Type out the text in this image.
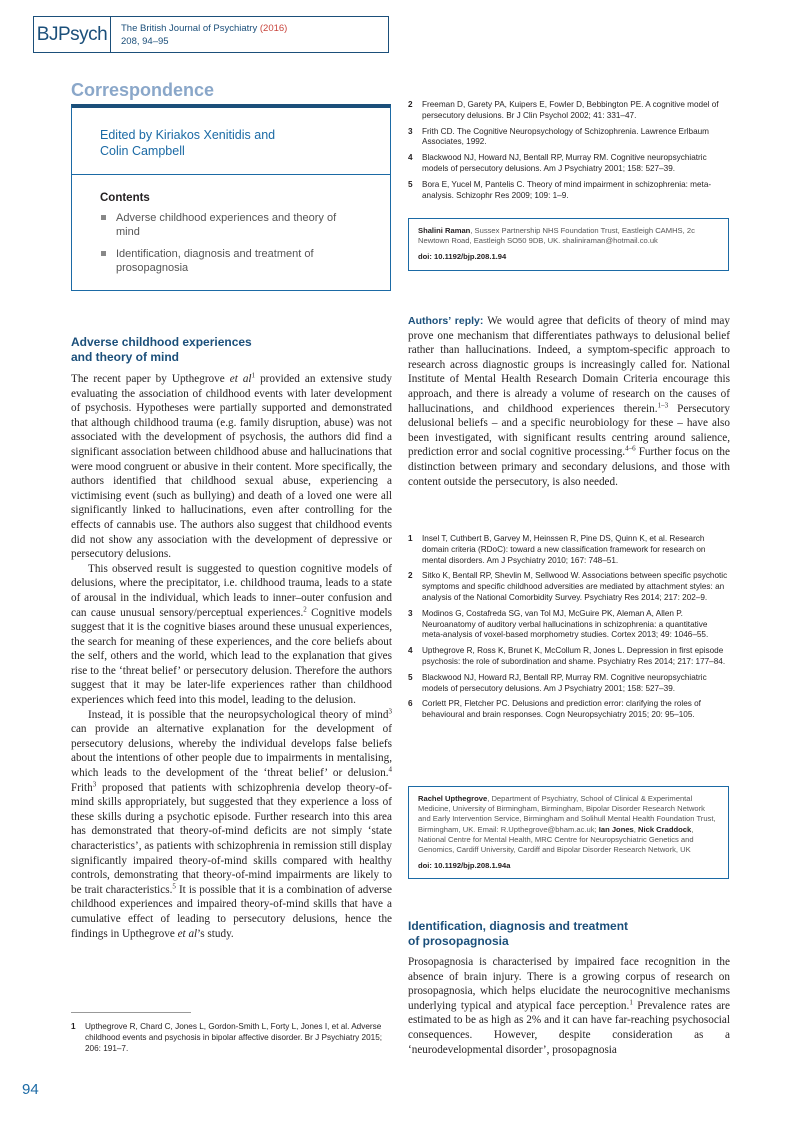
BJ Psych The British Journal of Psychiatry (2016)
208, 94–95
Correspondence
Edited by Kiriakos Xenitidis and
Colin Campbell
Contents
Adverse childhood experiences and theory of mind
Identification, diagnosis and treatment of prosopagnosia
2 Freeman D, Garety PA, Kuipers E, Fowler D, Bebbington PE. A cognitive model of persecutory delusions. Br J Clin Psychol 2002; 41: 331–47.
3 Frith CD. The Cognitive Neuropsychology of Schizophrenia. Lawrence Erlbaum Associates, 1992.
4 Blackwood NJ, Howard NJ, Bentall RP, Murray RM. Cognitive neuropsychiatric models of persecutory delusions. Am J Psychiatry 2001; 158: 527–39.
5 Bora E, Yucel M, Pantelis C. Theory of mind impairment in schizophrenia: meta-analysis. Schizophr Res 2009; 109: 1–9.
Shalini Raman, Sussex Partnership NHS Foundation Trust, Eastleigh CAMHS, 2c Newtown Road, Eastleigh SO50 9DB, UK. shaliniraman@hotmail.co.uk
doi: 10.1192/bjp.208.1.94
Adverse childhood experiences
and theory of mind

The recent paper by Upthegrove et $al^1$ provided an extensive study evaluating the association of childhood events with later development of psychosis. Hypotheses were partially supported and demonstrated that although childhood trauma (e.g. family disruption, abuse) was not associated with the development of psychosis, the authors did find a significant association between childhood abuse and hallucinations that were mood congruent or abusive in their content. More specifically, the authors identified that childhood sexual abuse, experiencing a victimising event (such as bullying) and death of a loved one were all significantly linked to hallucinations, even after controlling for the effects of cannabis use. The authors also suggest that childhood events did not show any association with the development of depressive or persecutory delusions.

This observed result is suggested to question cognitive models of delusions, where the precipitator, i.e. childhood trauma, leads to a state of arousal in the individual, which leads to inner–outer confusion and can cause unusual sensory/perceptual experiences.$^2$ Cognitive models suggest that it is the cognitive biases around these unusual experiences, the search for meaning of these experiences, and the core beliefs about the self, others and the world, which lead to the explanation that gives rise to the ‘threat belief’ or persecutory delusion. Therefore the authors suggest that it may be later-life experiences rather than childhood experiences which feed into this model, leading to the delusion.

Instead, it is possible that the neuropsychological theory of mind$^3$ can provide an alternative explanation for the development of persecutory delusions, whereby the individual develops false beliefs about the intentions of other people due to impairments in mentalising, which leads to the development of the ‘threat belief’ or delusion.$^4$ Frith$^3$ proposed that patients with schizophrenia develop theory-of-mind skills appropriately, but suggested that they experience a loss of these skills during a psychotic episode. Further research into this area has demonstrated that theory-of-mind deficits are not simply ‘state characteristics’, as patients with schizophrenia in remission still display significantly impaired theory-of-mind skills compared with healthy controls, demonstrating that theory-of-mind impairments are likely to be trait characteristics.$^5$ It is possible that it is a combination of adverse childhood experiences and impaired theory-of-mind skills that have a cumulative effect of leading to persecutory delusions, hence the findings in Upthegrove et al’s study.

1 Upthegrove R, Chard C, Jones L, Gordon-Smith L, Forty L, Jones I, et al. Adverse childhood events and psychosis in bipolar affective disorder. Br J Psychiatry 2015; 206: 191–7.

Authors’ reply: We would agree that deficits of theory of mind may prove one mechanism that differentiates pathways to delusional belief rather than hallucinations. Indeed, a symptom-specific approach to research across diagnostic groups is increasingly called for. National Institute of Mental Health Research Domain Criteria encourage this approach, and there is already a volume of research on the causes of hallucinations, and childhood experiences therein.$^{1-3}$ Persecutory delusional beliefs – and a specific neurobiology for these – have also been investigated, with significant results centring around salience, prediction error and social cognitive processing.$^{4-6}$ Further focus on the distinction between primary and secondary delusions, and those with content outside the persecutory, is also needed.

1 Insel T, Cuthbert B, Garvey M, Heinssen R, Pine DS, Quinn K, et al. Research domain criteria (RDoC): toward a new classification framework for research on mental disorders. Am J Psychiatry 2010; 167: 748–51.
2 Sitko K, Bentall RP, Shevlin M, Sellwood W. Associations between specific psychotic symptoms and specific childhood adversities are mediated by attachment styles: an analysis of the National Comorbidity Survey. Psychiatry Res 2014; 217: 202–9.
3 Modinos G, Costafreda SG, van Tol MJ, McGuire PK, Aleman A, Allen P. Neuroanatomy of auditory verbal hallucinations in schizophrenia: a quantitative meta-analysis of voxel-based morphometry studies. Cortex 2013; 49: 1046–55.
4 Upthegrove R, Ross K, Brunet K, McCollum R, Jones L. Depression in first episode psychosis: the role of subordination and shame. Psychiatry Res 2014; 217: 177–84.
5 Blackwood NJ, Howard RJ, Bentall RP, Murray RM. Cognitive neuropsychiatric models of persecutory delusions. Am J Psychiatry 2001; 158: 527–39.
6 Corlett PR, Fletcher PC. Delusions and prediction error: clarifying the roles of behavioural and brain responses. Cogn Neuropsychiatry 2015; 20: 95–105.
Rachel Upthegrove, Department of Psychiatry, School of Clinical & Experimental Medicine, University of Birmingham, Birmingham, Bipolar Disorder Research Network and Early Intervention Service, Birmingham and Solihull Mental Health Foundation Trust, Birmingham, UK. Email: R.Upthegrove@bham.ac.uk; Ian Jones, Nick Craddock, National Centre for Mental Health, MRC Centre for Neuropsychiatric Genetics and Genomics, Cardiff University, Cardiff and Bipolar Disorder Research Network, UK
doi: 10.1192/bjp.208.1.94a
Identification, diagnosis and treatment
of prosopagnosia

Prosopagnosia is characterised by impaired face recognition in the absence of brain injury. There is a growing corpus of research on prosopagnosia, which helps elucidate the neurocognitive mechanisms underlying typical and atypical face perception.$^1$ Prevalence rates are estimated to be as high as 2% and it can have far-reaching psychosocial consequences. However, despite consideration as a ‘neurodevelopmental disorder’, prosopagnosia

94
